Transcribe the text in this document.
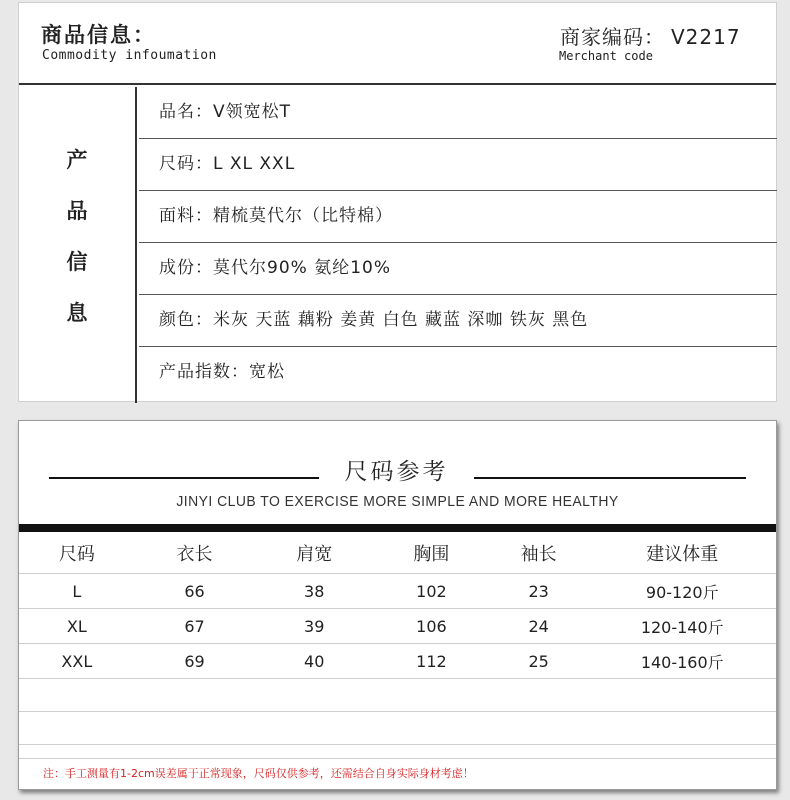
商品信息：
Commodity infoumation
商家编码： V2217
Merchant code
产
品
信
息
品名：V领宽松T
尺码：L XL XXL
面料：精梳莫代尔（比特棉）
成份：莫代尔90% 氨纶10%
颜色：米灰 天蓝 藕粉 姜黄 白色 藏蓝 深咖 铁灰 黑色
产品指数：宽松
尺码参考
JINYI CLUB TO EXERCISE MORE SIMPLE AND MORE HEALTHY
尺码	衣长	肩宽	胸围	袖长	建议体重
L	66	38	102	23	90-120斤
XL	67	39	106	24	120-140斤
XXL	69	40	112	25	140-160斤
注：手工测量有1-2cm误差属于正常现象，尺码仅供参考，还需结合自身实际身材考虑！
